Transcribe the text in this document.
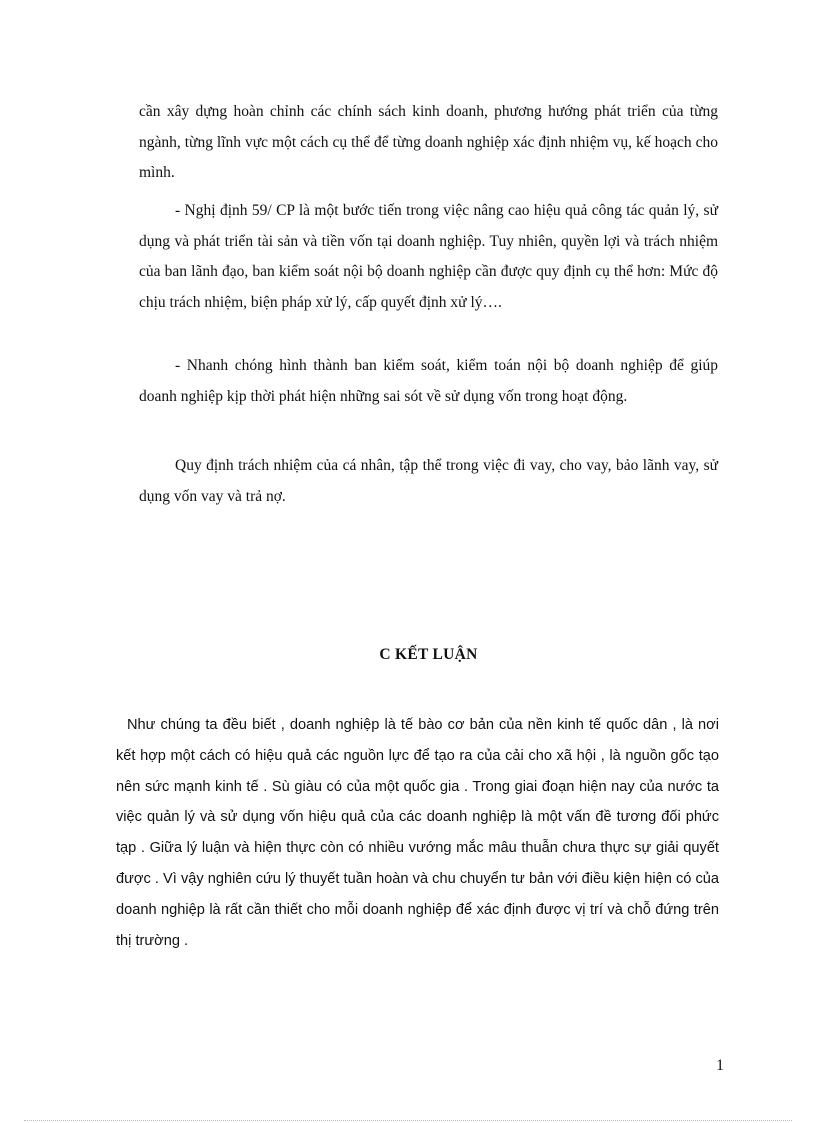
cần xây dựng hoàn chỉnh các chính sách kinh doanh, phương hướng phát triển của từng ngành, từng lĩnh vực một cách cụ thể để từng doanh nghiệp xác định nhiệm vụ, kế hoạch cho mình.

- Nghị định 59/ CP là một bước tiến trong việc nâng cao hiệu quả công tác quản lý, sử dụng và phát triển tài sản và tiền vốn tại doanh nghiệp. Tuy nhiên, quyền lợi và trách nhiệm của ban lãnh đạo, ban kiểm soát nội bộ doanh nghiệp cần được quy định cụ thể hơn: Mức độ chịu trách nhiệm, biện pháp xử lý, cấp quyết định xử lý….

- Nhanh chóng hình thành ban kiểm soát, kiểm toán nội bộ doanh nghiệp để giúp doanh nghiệp kịp thời phát hiện những sai sót về sử dụng vốn trong hoạt động.

Quy định trách nhiệm của cá nhân, tập thể trong việc đi vay, cho vay, bảo lãnh vay, sử dụng vốn vay và trả nợ.

C KẾT LUẬN

Như chúng ta đều biết , doanh nghiệp là tế bào cơ bản của nền kinh tế quốc dân , là nơi kết hợp một cách có hiệu quả các nguồn lực để tạo ra của cải cho xã hội , là nguồn gốc tạo nên sức mạnh kinh tế . Sù giàu có của một quốc gia . Trong giai đoạn hiện nay của nước ta việc quản lý và sử dụng vốn hiệu quả của các doanh nghiệp là một vấn đề tương đối phức tạp . Giữa lý luận và hiện thực còn có nhiều vướng mắc mâu thuẫn chưa thực sự giải quyết được . Vì vậy nghiên cứu lý thuyết tuần hoàn và chu chuyển tư bản với điều kiện hiện có của doanh nghiệp là rất cần thiết cho mỗi doanh nghiệp để xác định được vị trí và chỗ đứng trên thị trường .

1
